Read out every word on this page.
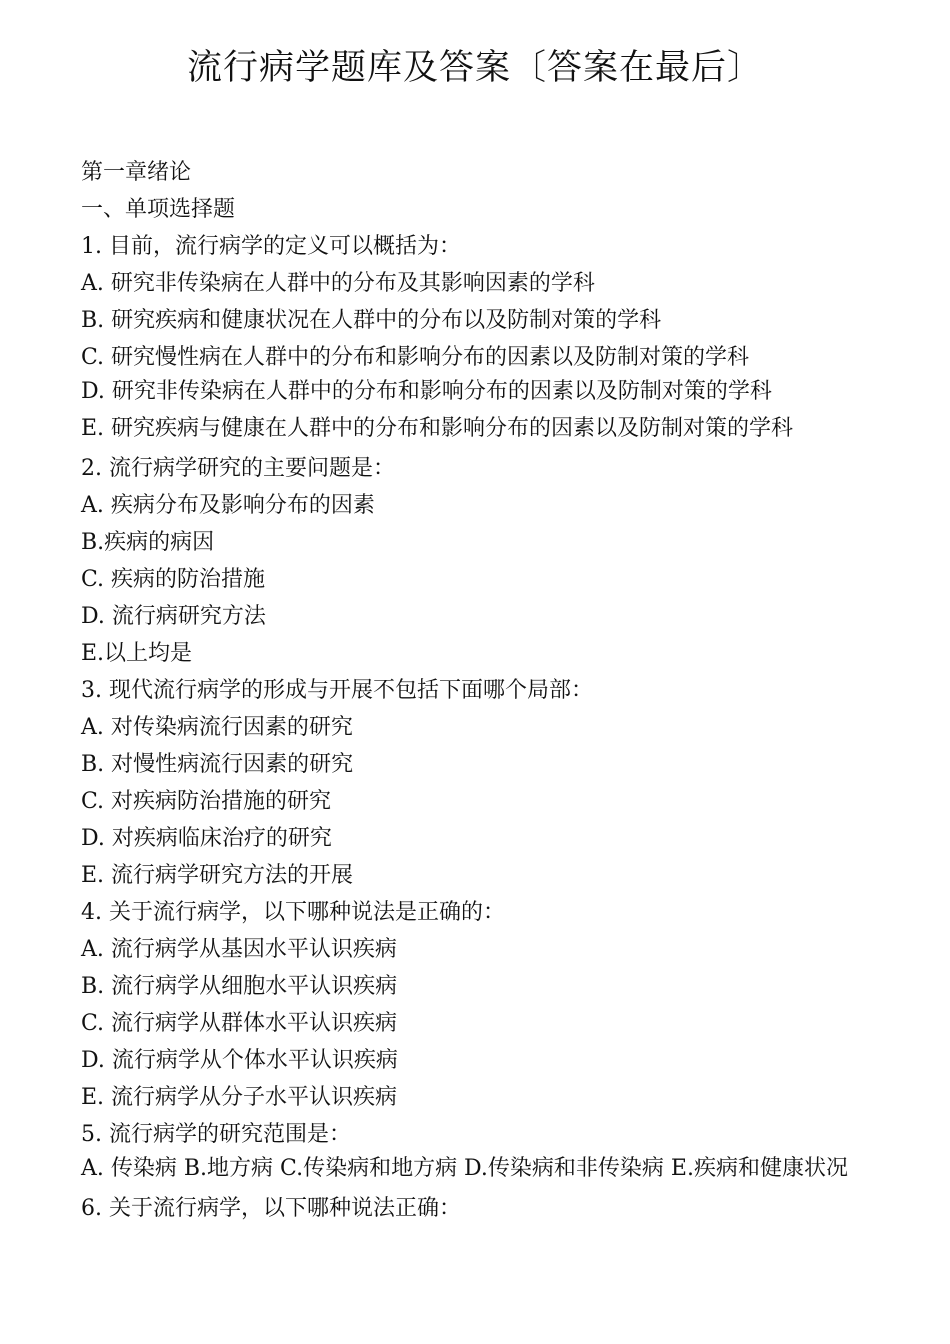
流行病学题库及答案〔答案在最后〕
第一章绪论
一、单项选择题
1. 目前，流行病学的定义可以概括为：
A. 研究非传染病在人群中的分布及其影响因素的学科
B. 研究疾病和健康状况在人群中的分布以及防制对策的学科
C. 研究慢性病在人群中的分布和影响分布的因素以及防制对策的学科
D. 研究非传染病在人群中的分布和影响分布的因素以及防制对策的学科
E. 研究疾病与健康在人群中的分布和影响分布的因素以及防制对策的学科
2. 流行病学研究的主要问题是：
A. 疾病分布及影响分布的因素
B.疾病的病因
C. 疾病的防治措施
D. 流行病研究方法
E.以上均是
3. 现代流行病学的形成与开展不包括下面哪个局部：
A. 对传染病流行因素的研究
B. 对慢性病流行因素的研究
C. 对疾病防治措施的研究
D. 对疾病临床治疗的研究
E. 流行病学研究方法的开展
4. 关于流行病学，以下哪种说法是正确的：
A. 流行病学从基因水平认识疾病
B. 流行病学从细胞水平认识疾病
C. 流行病学从群体水平认识疾病
D. 流行病学从个体水平认识疾病
E. 流行病学从分子水平认识疾病
5. 流行病学的研究范围是：
A. 传染病 B.地方病 C.传染病和地方病 D.传染病和非传染病 E.疾病和健康状况
6. 关于流行病学，以下哪种说法正确：
